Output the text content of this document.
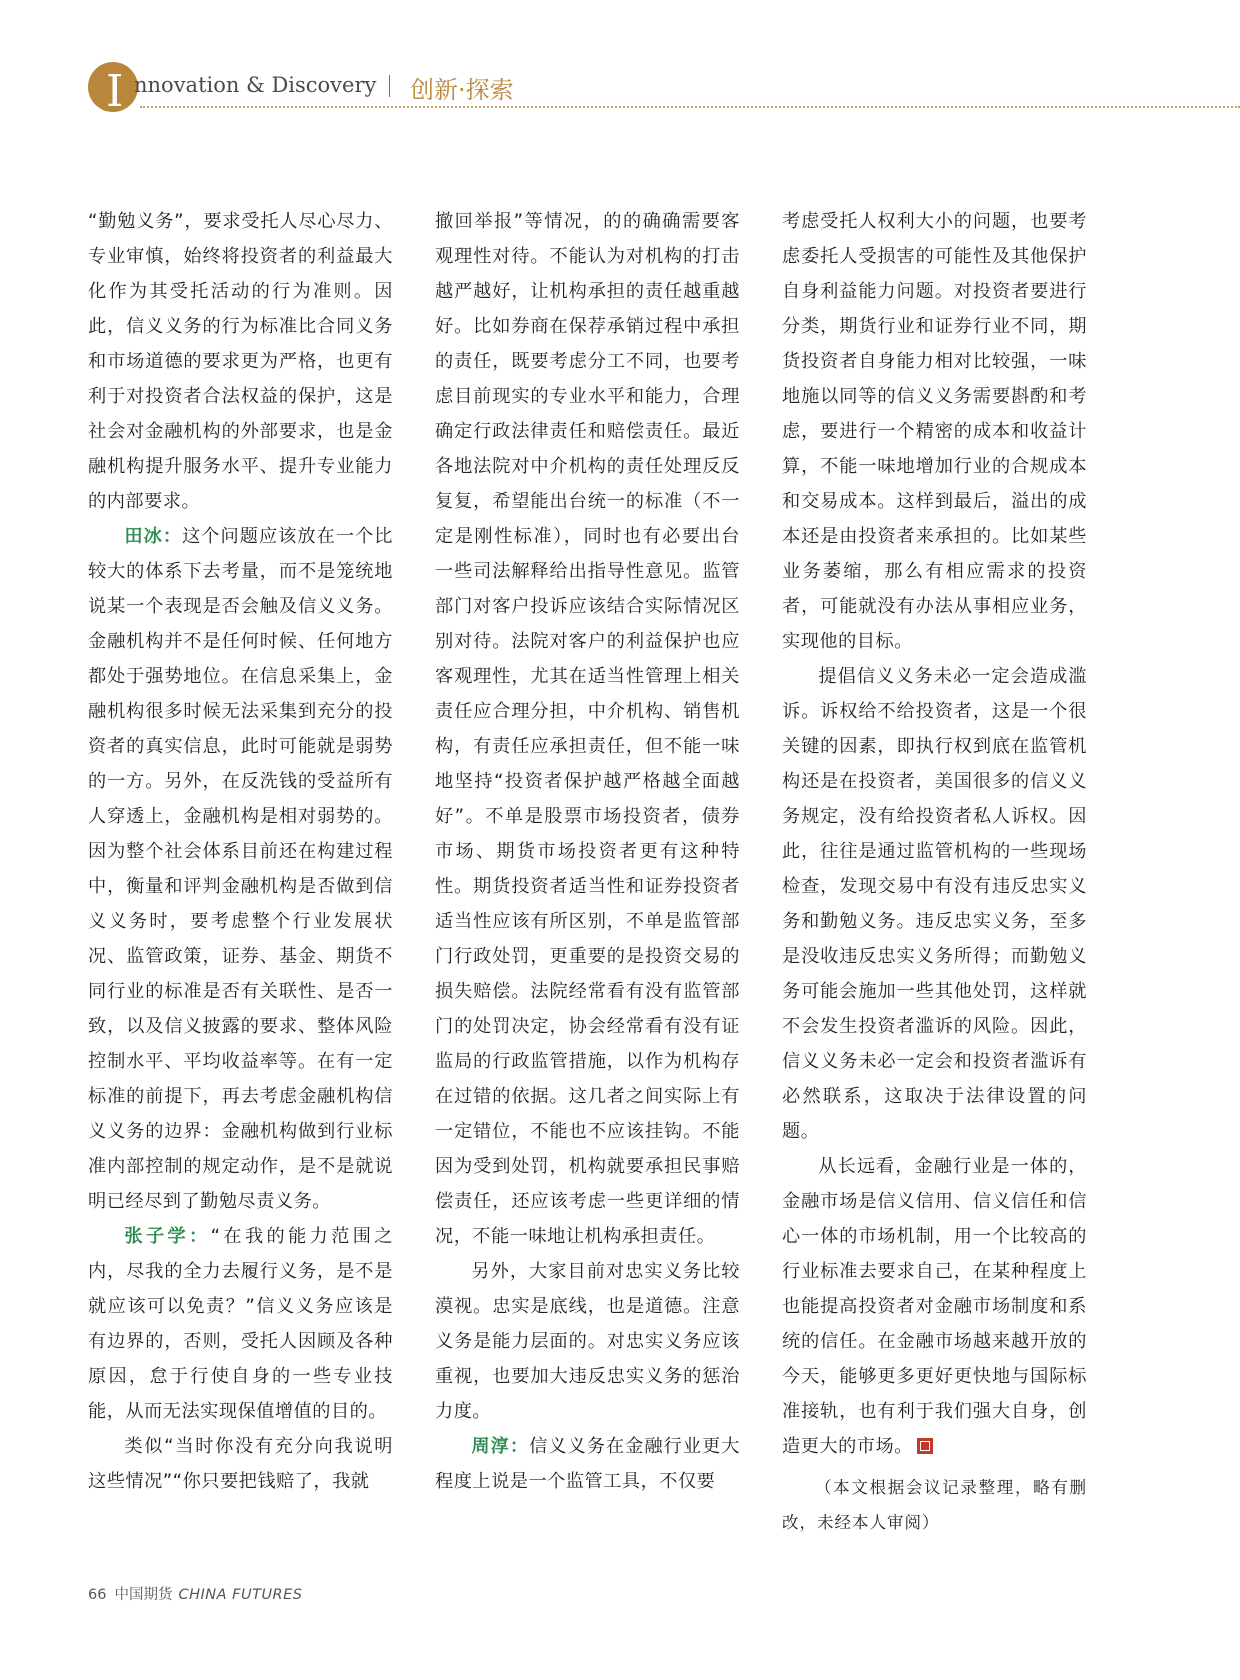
I nnovation & Discovery 创新·探索

“勤勉义务”，要求受托人尽心尽力、专业审慎，始终将投资者的利益最大化作为其受托活动的行为准则。因此，信义义务的行为标准比合同义务和市场道德的要求更为严格，也更有利于对投资者合法权益的保护，这是社会对金融机构的外部要求，也是金融机构提升服务水平、提升专业能力的内部要求。

田冰：这个问题应该放在一个比较大的体系下去考量，而不是笼统地说某一个表现是否会触及信义义务。金融机构并不是任何时候、任何地方都处于强势地位。在信息采集上，金融机构很多时候无法采集到充分的投资者的真实信息，此时可能就是弱势的一方。另外，在反洗钱的受益所有人穿透上，金融机构是相对弱势的。因为整个社会体系目前还在构建过程中，衡量和评判金融机构是否做到信义义务时，要考虑整个行业发展状况、监管政策，证券、基金、期货不同行业的标准是否有关联性、是否一致，以及信义披露的要求、整体风险控制水平、平均收益率等。在有一定标准的前提下，再去考虑金融机构信义义务的边界：金融机构做到行业标准内部控制的规定动作，是不是就说明已经尽到了勤勉尽责义务。

张子学：“在我的能力范围之内，尽我的全力去履行义务，是不是就应该可以免责？”信义义务应该是有边界的，否则，受托人因顾及各种原因，怠于行使自身的一些专业技能，从而无法实现保值增值的目的。

类似“当时你没有充分向我说明这些情况”“你只要把钱赔了，我就

撤回举报”等情况，的的确确需要客观理性对待。不能认为对机构的打击越严越好，让机构承担的责任越重越好。比如券商在保荐承销过程中承担的责任，既要考虑分工不同，也要考虑目前现实的专业水平和能力，合理确定行政法律责任和赔偿责任。最近各地法院对中介机构的责任处理反反复复，希望能出台统一的标准（不一定是刚性标准），同时也有必要出台一些司法解释给出指导性意见。监管部门对客户投诉应该结合实际情况区别对待。法院对客户的利益保护也应客观理性，尤其在适当性管理上相关责任应合理分担，中介机构、销售机构，有责任应承担责任，但不能一味地坚持“投资者保护越严格越全面越好”。不单是股票市场投资者，债券市场、期货市场投资者更有这种特性。期货投资者适当性和证券投资者适当性应该有所区别，不单是监管部门行政处罚，更重要的是投资交易的损失赔偿。法院经常看有没有监管部门的处罚决定，协会经常看有没有证监局的行政监管措施，以作为机构存在过错的依据。这几者之间实际上有一定错位，不能也不应该挂钩。不能因为受到处罚，机构就要承担民事赔偿责任，还应该考虑一些更详细的情况，不能一味地让机构承担责任。

另外，大家目前对忠实义务比较漠视。忠实是底线，也是道德。注意义务是能力层面的。对忠实义务应该重视，也要加大违反忠实义务的惩治力度。

周淳：信义义务在金融行业更大程度上说是一个监管工具，不仅要

考虑受托人权利大小的问题，也要考虑委托人受损害的可能性及其他保护自身利益能力问题。对投资者要进行分类，期货行业和证券行业不同，期货投资者自身能力相对比较强，一味地施以同等的信义义务需要斟酌和考虑，要进行一个精密的成本和收益计算，不能一味地增加行业的合规成本和交易成本。这样到最后，溢出的成本还是由投资者来承担的。比如某些业务萎缩，那么有相应需求的投资者，可能就没有办法从事相应业务，实现他的目标。

提倡信义义务未必一定会造成滥诉。诉权给不给投资者，这是一个很关键的因素，即执行权到底在监管机构还是在投资者，美国很多的信义义务规定，没有给投资者私人诉权。因此，往往是通过监管机构的一些现场检查，发现交易中有没有违反忠实义务和勤勉义务。违反忠实义务，至多是没收违反忠实义务所得；而勤勉义务可能会施加一些其他处罚，这样就不会发生投资者滥诉的风险。因此，信义义务未必一定会和投资者滥诉有必然联系，这取决于法律设置的问题。

从长远看，金融行业是一体的，金融市场是信义信用、信义信任和信心一体的市场机制，用一个比较高的行业标准去要求自己，在某种程度上也能提高投资者对金融市场制度和系统的信任。在金融市场越来越开放的今天，能够更多更好更快地与国际标准接轨，也有利于我们强大自身，创造更大的市场。

（本文根据会议记录整理，略有删改，未经本人审阅）

66 中国期货 CHINA FUTURES
